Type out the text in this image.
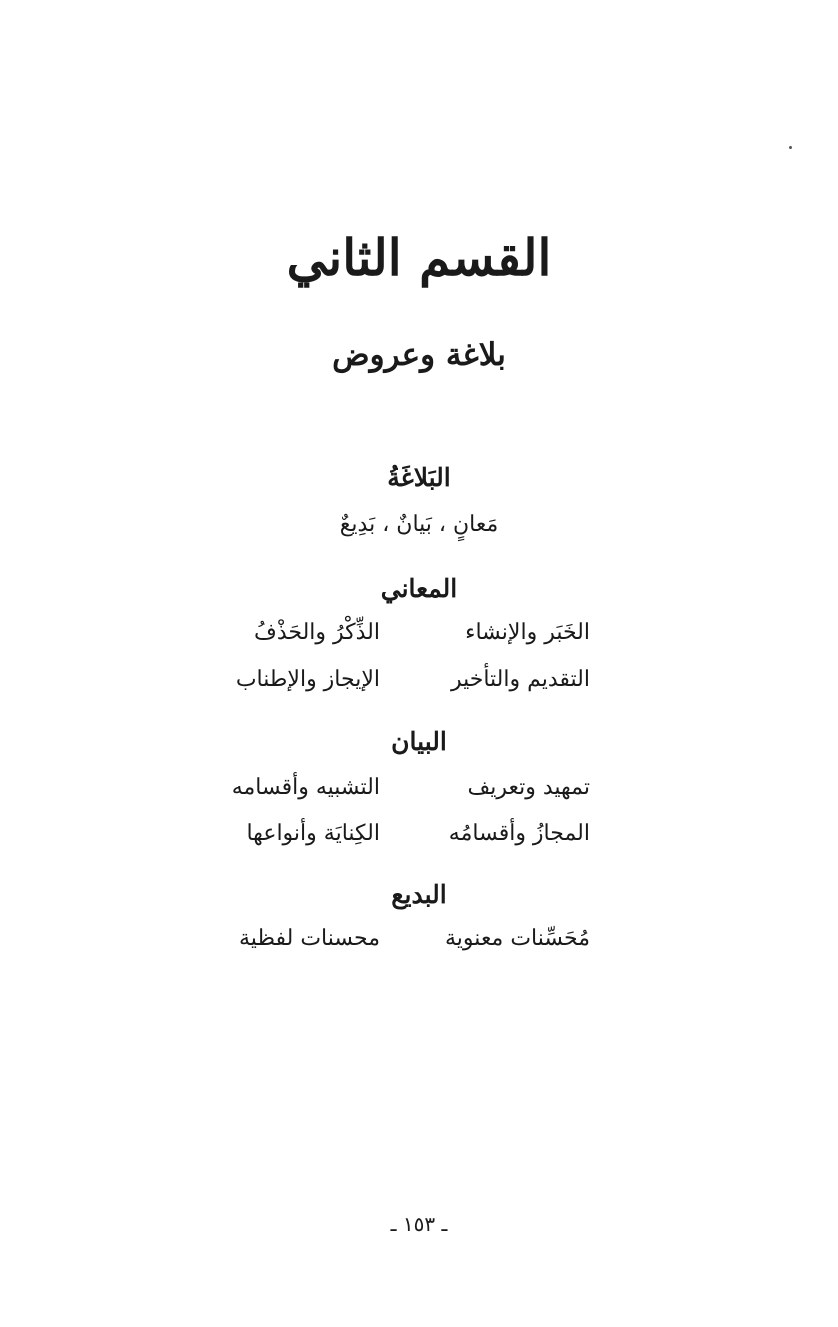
القسم الثاني
بلاغة وعروض
البَلاغَةُ
مَعانٍ ، بَيانٌ ، بَدِيعٌ
المعاني
الخَبَر والإنشاء
الذِّكْرُ والحَذْفُ
التقديم والتأخير
الإيجاز والإطناب
البيان
تمهيد وتعريف
التشبيه وأقسامه
المجازُ وأقسامُه
الكِنايَة وأنواعها
البديع
مُحَسِّنات معنوية
محسنات لفظية
ـ ١٥٣ ـ
